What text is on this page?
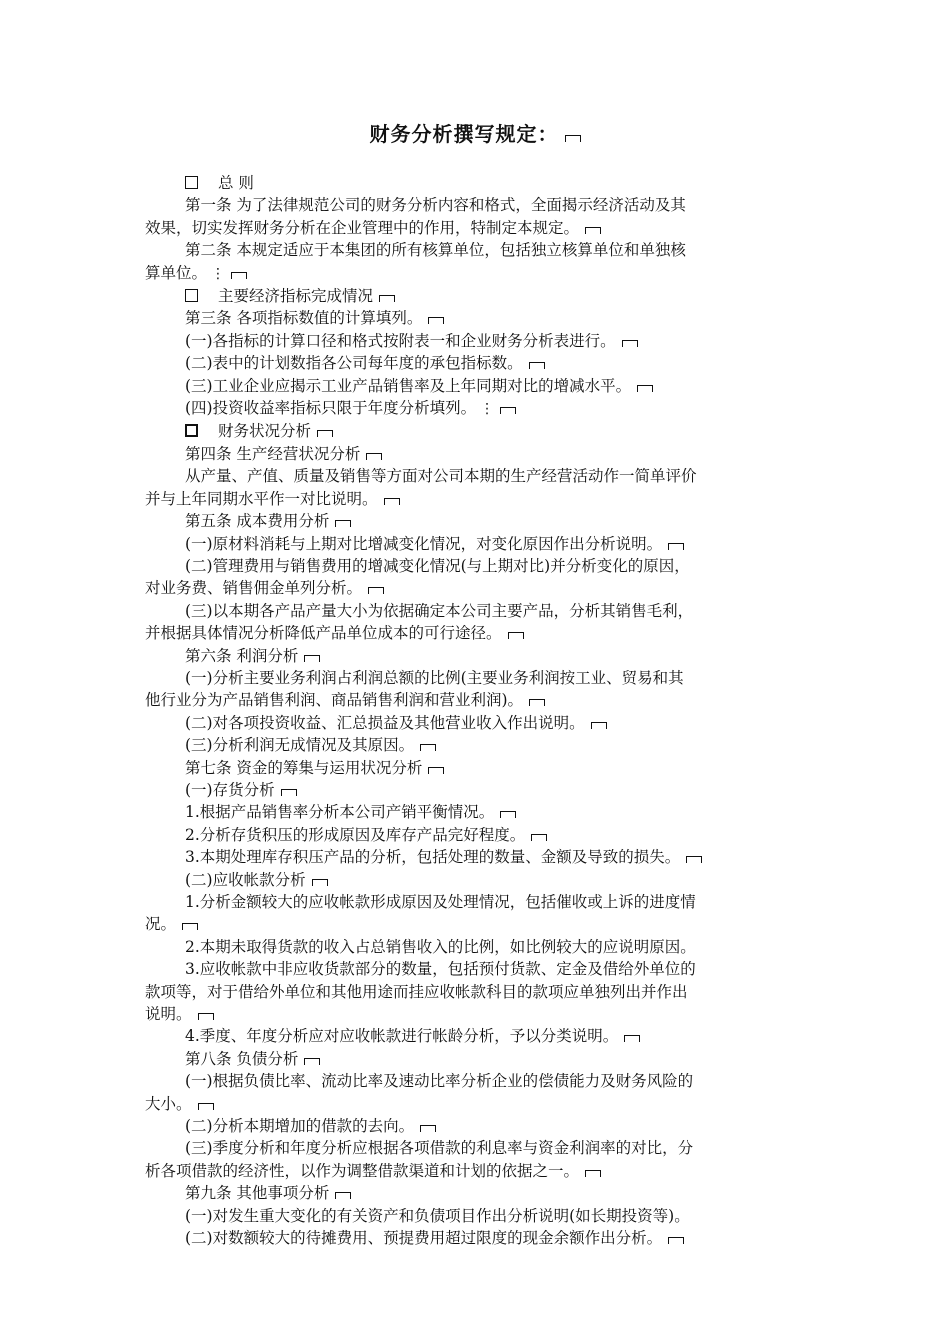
财务分析撰写规定：
总 则
第一条 为了法律规范公司的财务分析内容和格式，全面揭示经济活动及其
效果，切实发挥财务分析在企业管理中的作用，特制定本规定。
第二条 本规定适应于本集团的所有核算单位，包括独立核算单位和单独核
算单位。 ⋮
主要经济指标完成情况
第三条 各项指标数值的计算填列。
(一)各指标的计算口径和格式按附表一和企业财务分析表进行。
(二)表中的计划数指各公司每年度的承包指标数。
(三)工业企业应揭示工业产品销售率及上年同期对比的增减水平。
(四)投资收益率指标只限于年度分析填列。 ⋮
财务状况分析
第四条 生产经营状况分析
从产量、产值、质量及销售等方面对公司本期的生产经营活动作一简单评价
并与上年同期水平作一对比说明。
第五条 成本费用分析
(一)原材料消耗与上期对比增减变化情况，对变化原因作出分析说明。
(二)管理费用与销售费用的增减变化情况(与上期对比)并分析变化的原因，
对业务费、销售佣金单列分析。
(三)以本期各产品产量大小为依据确定本公司主要产品，分析其销售毛利，
并根据具体情况分析降低产品单位成本的可行途径。
第六条 利润分析
(一)分析主要业务利润占利润总额的比例(主要业务利润按工业、贸易和其
他行业分为产品销售利润、商品销售利润和营业利润)。
(二)对各项投资收益、汇总损益及其他营业收入作出说明。
(三)分析利润无成情况及其原因。
第七条 资金的筹集与运用状况分析
(一)存货分析
1.根据产品销售率分析本公司产销平衡情况。
2.分析存货积压的形成原因及库存产品完好程度。
3.本期处理库存积压产品的分析，包括处理的数量、金额及导致的损失。
(二)应收帐款分析
1.分析金额较大的应收帐款形成原因及处理情况，包括催收或上诉的进度情
况。
2.本期未取得货款的收入占总销售收入的比例，如比例较大的应说明原因。
3.应收帐款中非应收货款部分的数量，包括预付货款、定金及借给外单位的
款项等，对于借给外单位和其他用途而挂应收帐款科目的款项应单独列出并作出
说明。
4.季度、年度分析应对应收帐款进行帐龄分析，予以分类说明。
第八条 负债分析
(一)根据负债比率、流动比率及速动比率分析企业的偿债能力及财务风险的
大小。
(二)分析本期增加的借款的去向。
(三)季度分析和年度分析应根据各项借款的利息率与资金利润率的对比，分
析各项借款的经济性，以作为调整借款渠道和计划的依据之一。
第九条 其他事项分析
(一)对发生重大变化的有关资产和负债项目作出分析说明(如长期投资等)。
(二)对数额较大的待摊费用、预提费用超过限度的现金余额作出分析。
